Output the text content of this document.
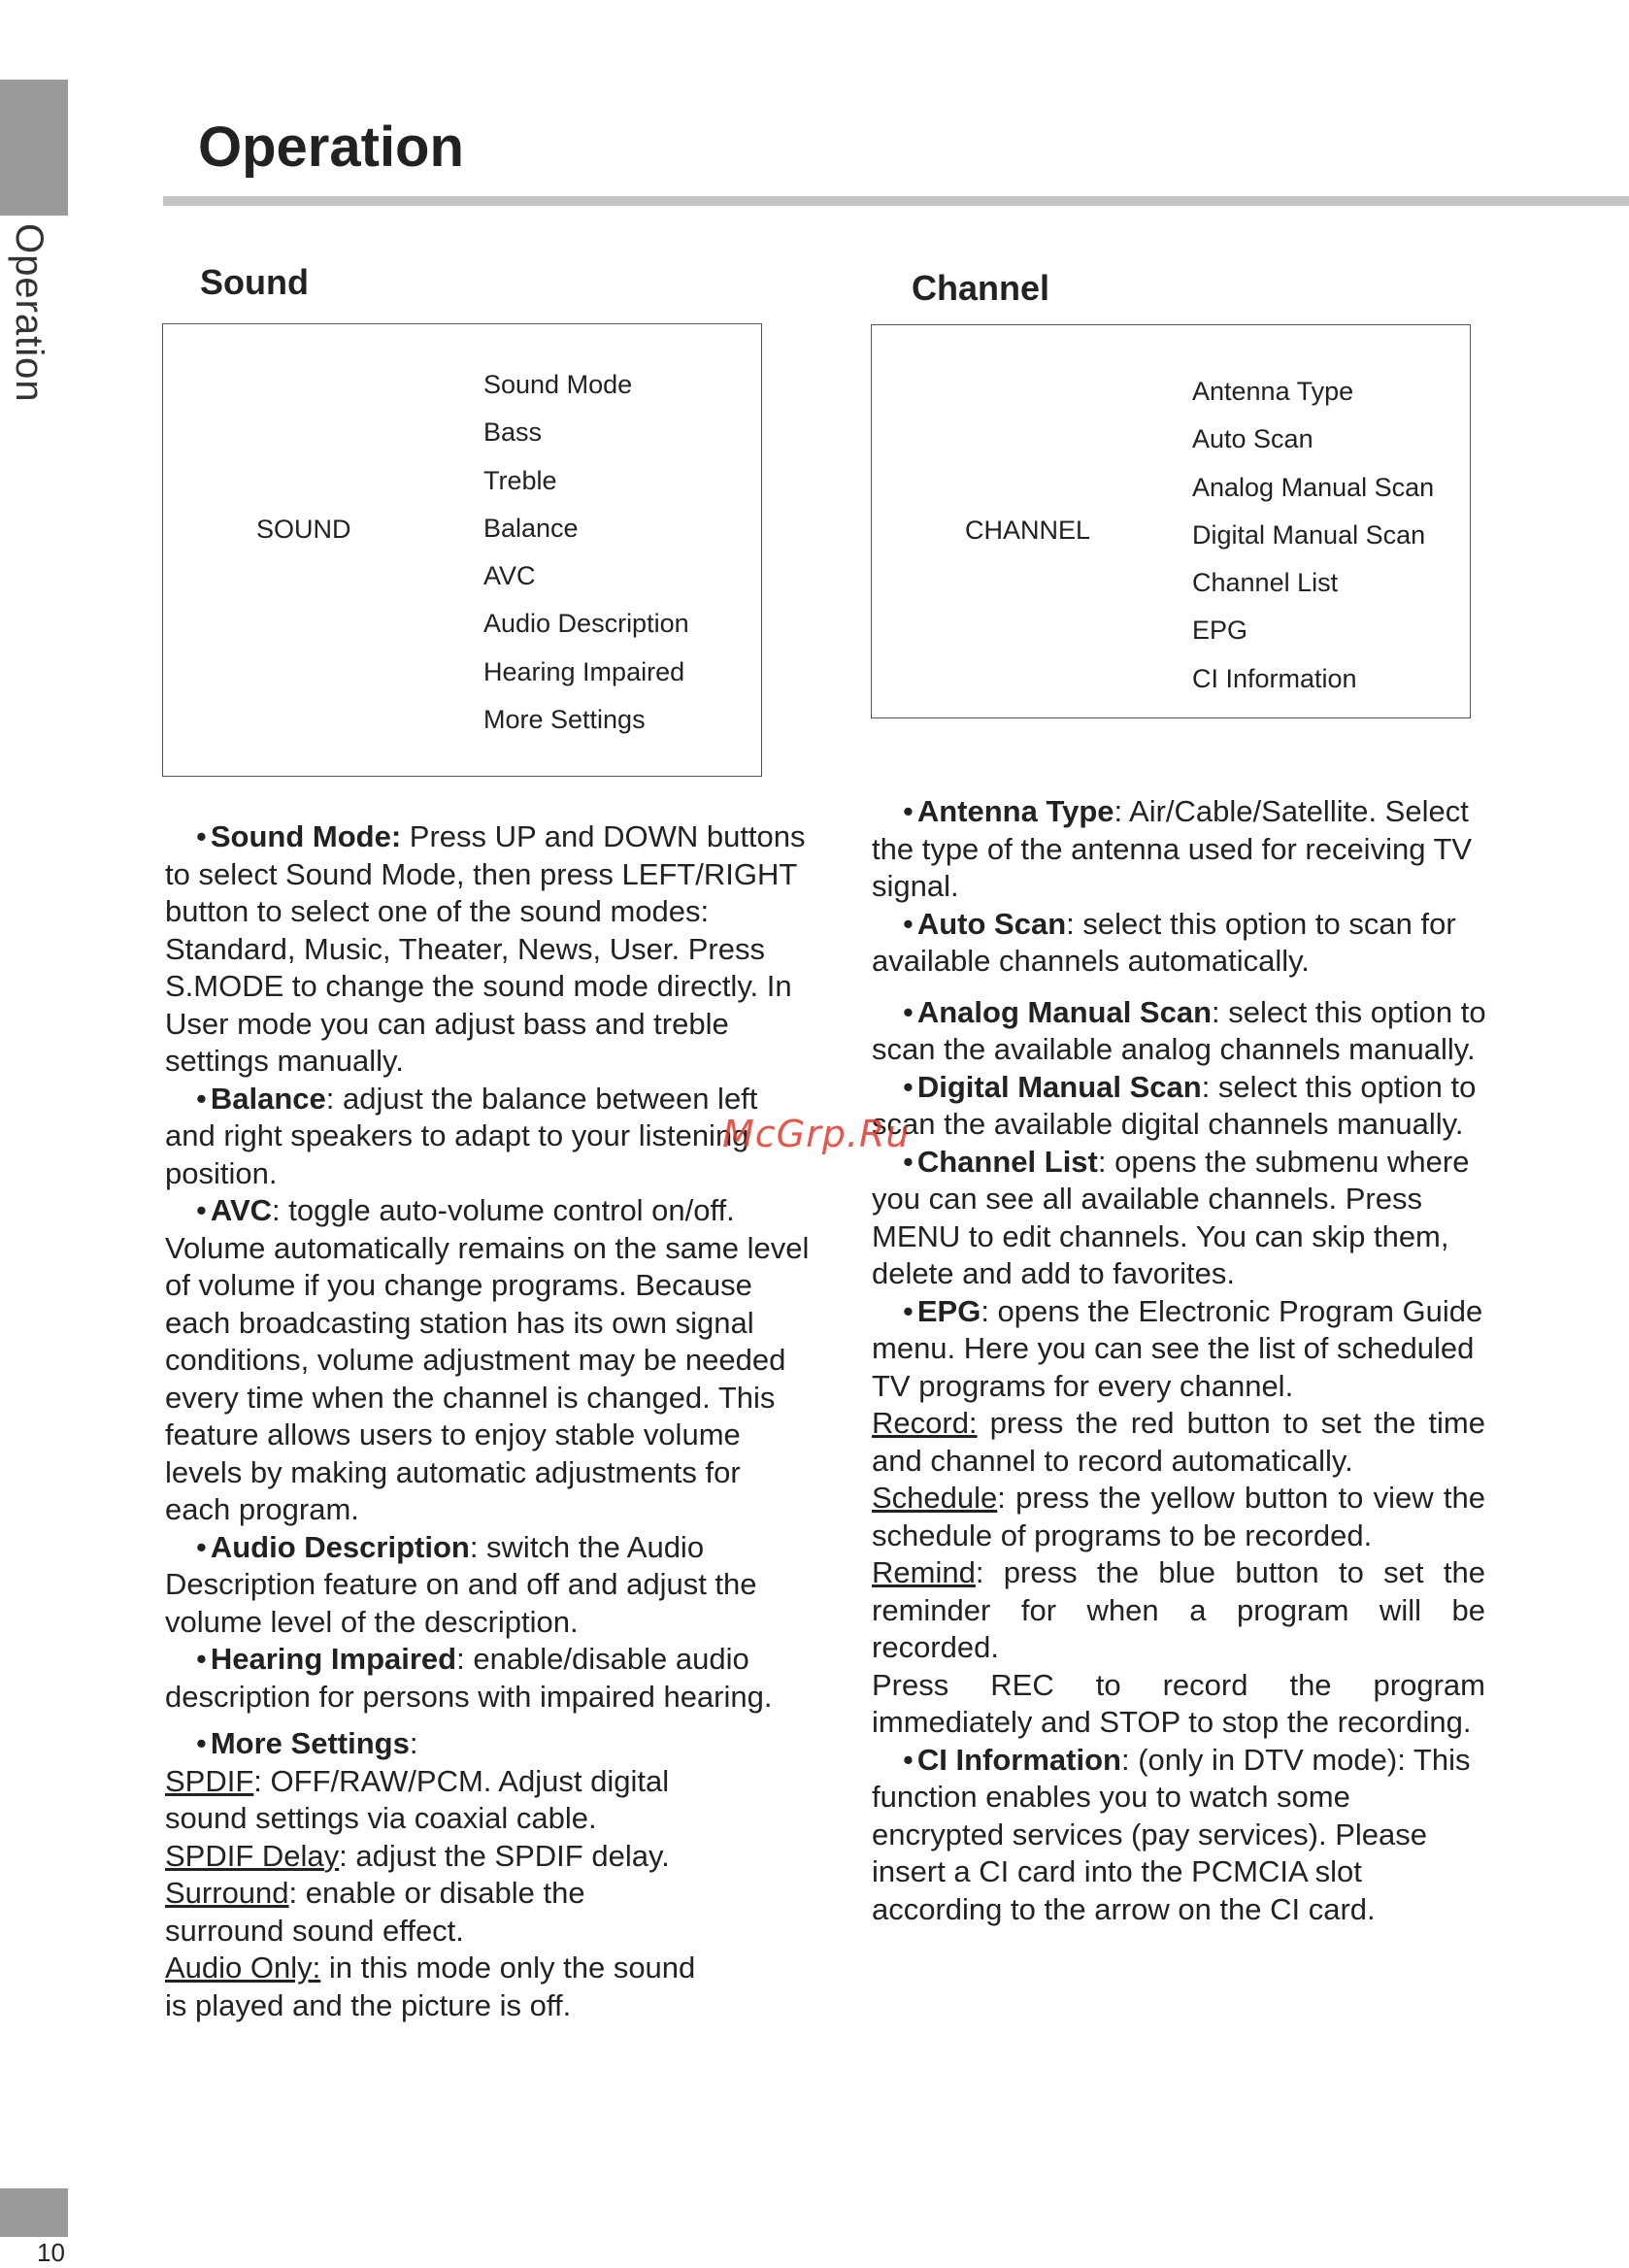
Operation
Operation
10
Sound
SOUND
Sound Mode
Bass
Treble
Balance
AVC
Audio Description
Hearing Impaired
More Settings

• Sound Mode: Press UP and DOWN buttons to select Sound Mode, then press LEFT/RIGHT button to select one of the sound modes: Standard, Music, Theater, News, User. Press S.MODE to change the sound mode directly. In User mode you can adjust bass and treble settings manually.

• Balance: adjust the balance between left and right speakers to adapt to your listening position.

• AVC: toggle auto-volume control on/off. Volume automatically remains on the same level of volume if you change programs. Because each broadcasting station has its own signal conditions, volume adjustment may be needed every time when the channel is changed. This feature allows users to enjoy stable volume levels by making automatic adjustments for each program.

• Audio Description: switch the Audio Description feature on and off and adjust the volume level of the description.

• Hearing Impaired: enable/disable audio description for persons with impaired hearing.

• More Settings:

SPDIF: OFF/RAW/PCM. Adjust digital sound settings via coaxial cable.

SPDIF Delay: adjust the SPDIF delay.

Surround: enable or disable the surround sound effect.

Audio Only: in this mode only the sound is played and the picture is off.

Channel
CHANNEL
Antenna Type
Auto Scan
Analog Manual Scan
Digital Manual Scan
Channel List
EPG
CI Information

• Antenna Type: Air/Cable/Satellite. Select the type of the antenna used for receiving TV signal.

• Auto Scan: select this option to scan for available channels automatically.

• Analog Manual Scan: select this option to scan the available analog channels manually.

• Digital Manual Scan: select this option to scan the available digital channels manually.

• Channel List: opens the submenu where you can see all available channels. Press MENU to edit channels. You can skip them, delete and add to favorites.

• EPG: opens the Electronic Program Guide menu. Here you can see the list of scheduled TV programs for every channel.

Record: press the red button to set the time and channel to record automatically.

Schedule: press the yellow button to view the schedule of programs to be recorded.

Remind: press the blue button to set the reminder for when a program will be recorded.

Press REC to record the program immediately and STOP to stop the recording.

• CI Information: (only in DTV mode): This function enables you to watch some encrypted services (pay services). Please insert a CI card into the PCMCIA slot according to the arrow on the CI card.

McGrp.Ru
